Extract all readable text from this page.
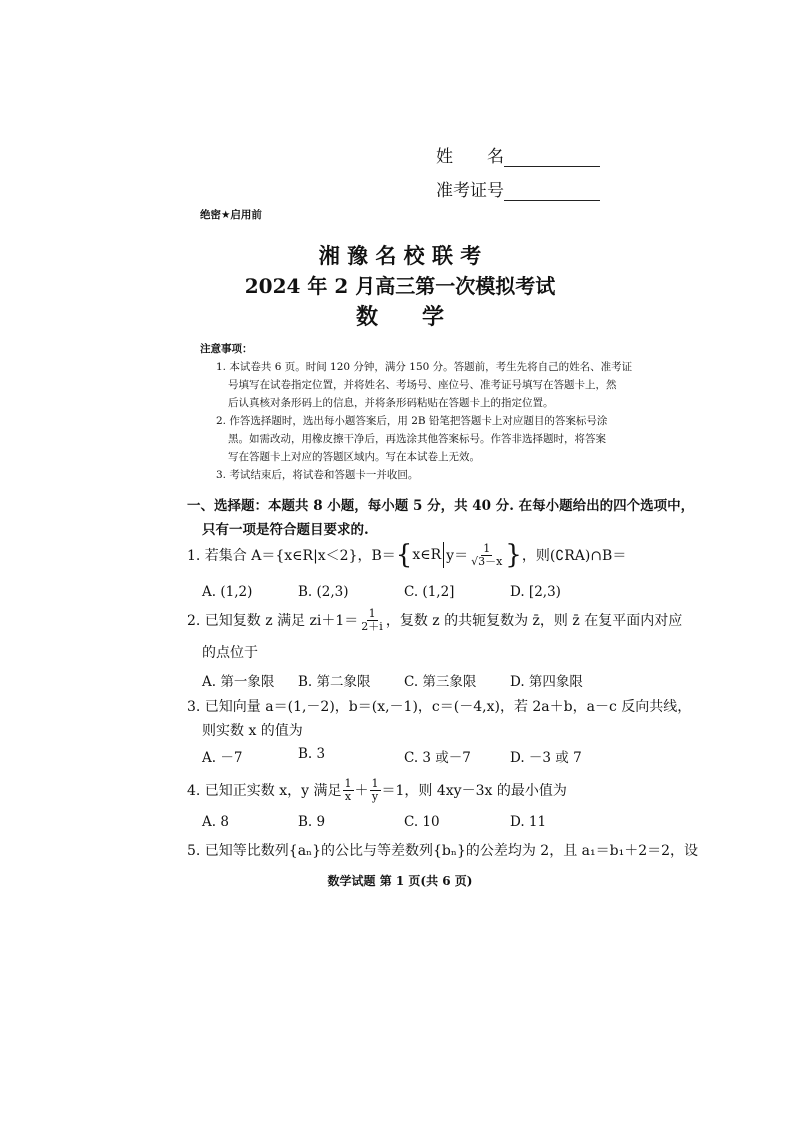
姓　　名
准考证号
绝密★启用前
湘 豫 名 校 联 考
2024 年 2 月高三第一次模拟考试
数　　学
注意事项：
1. 本试卷共 6 页。时间 120 分钟，满分 150 分。答题前，考生先将自己的姓名、准考证
号填写在试卷指定位置，并将姓名、考场号、座位号、准考证号填写在答题卡上，然
后认真核对条形码上的信息，并将条形码粘贴在答题卡上的指定位置。
2. 作答选择题时，选出每小题答案后，用 2B 铅笔把答题卡上对应题目的答案标号涂
黑。如需改动，用橡皮擦干净后，再选涂其他答案标号。作答非选择题时，将答案
写在答题卡上对应的答题区域内。写在本试卷上无效。
3. 考试结束后，将试卷和答题卡一并收回。
一、选择题：本题共 8 小题，每小题 5 分，共 40 分. 在每小题给出的四个选项中，
只有一项是符合题目要求的.
1. 若集合 A＝{x∈R|x＜2}，B＝ { x∈R $y= \frac{1}{√3-x}$ } ，则(∁RA)∩B＝
A. (1,2)	B. (2,3)	C. (1,2]	D. [2,3)
2. 已知复数 z 满足 $zi+1= \frac{1}{2+i}$ ，复数 z 的共轭复数为 z̄，则 z̄ 在复平面内对应
的点位于
A. 第一象限 B. 第二象限 C. 第三象限 D. 第四象限
3. 已知向量 a＝(1,－2)，b＝(x,－1)，c＝(－4,x)，若 2a＋b，a－c 反向共线，
则实数 x 的值为
A. －7	B. 3	C. 3 或－7	D. －3 或 7
4. 已知正实数 x，y 满足 $\frac{1}{x} + \frac{1}{y} =1$，则 4xy－3x 的最小值为
A. 8	B. 9	C. 10	D. 11
5. 已知等比数列{aₙ}的公比与等差数列{bₙ}的公差均为 2，且 a₁＝b₁＋2＝2，设
数学试题 第 1 页(共 6 页)
